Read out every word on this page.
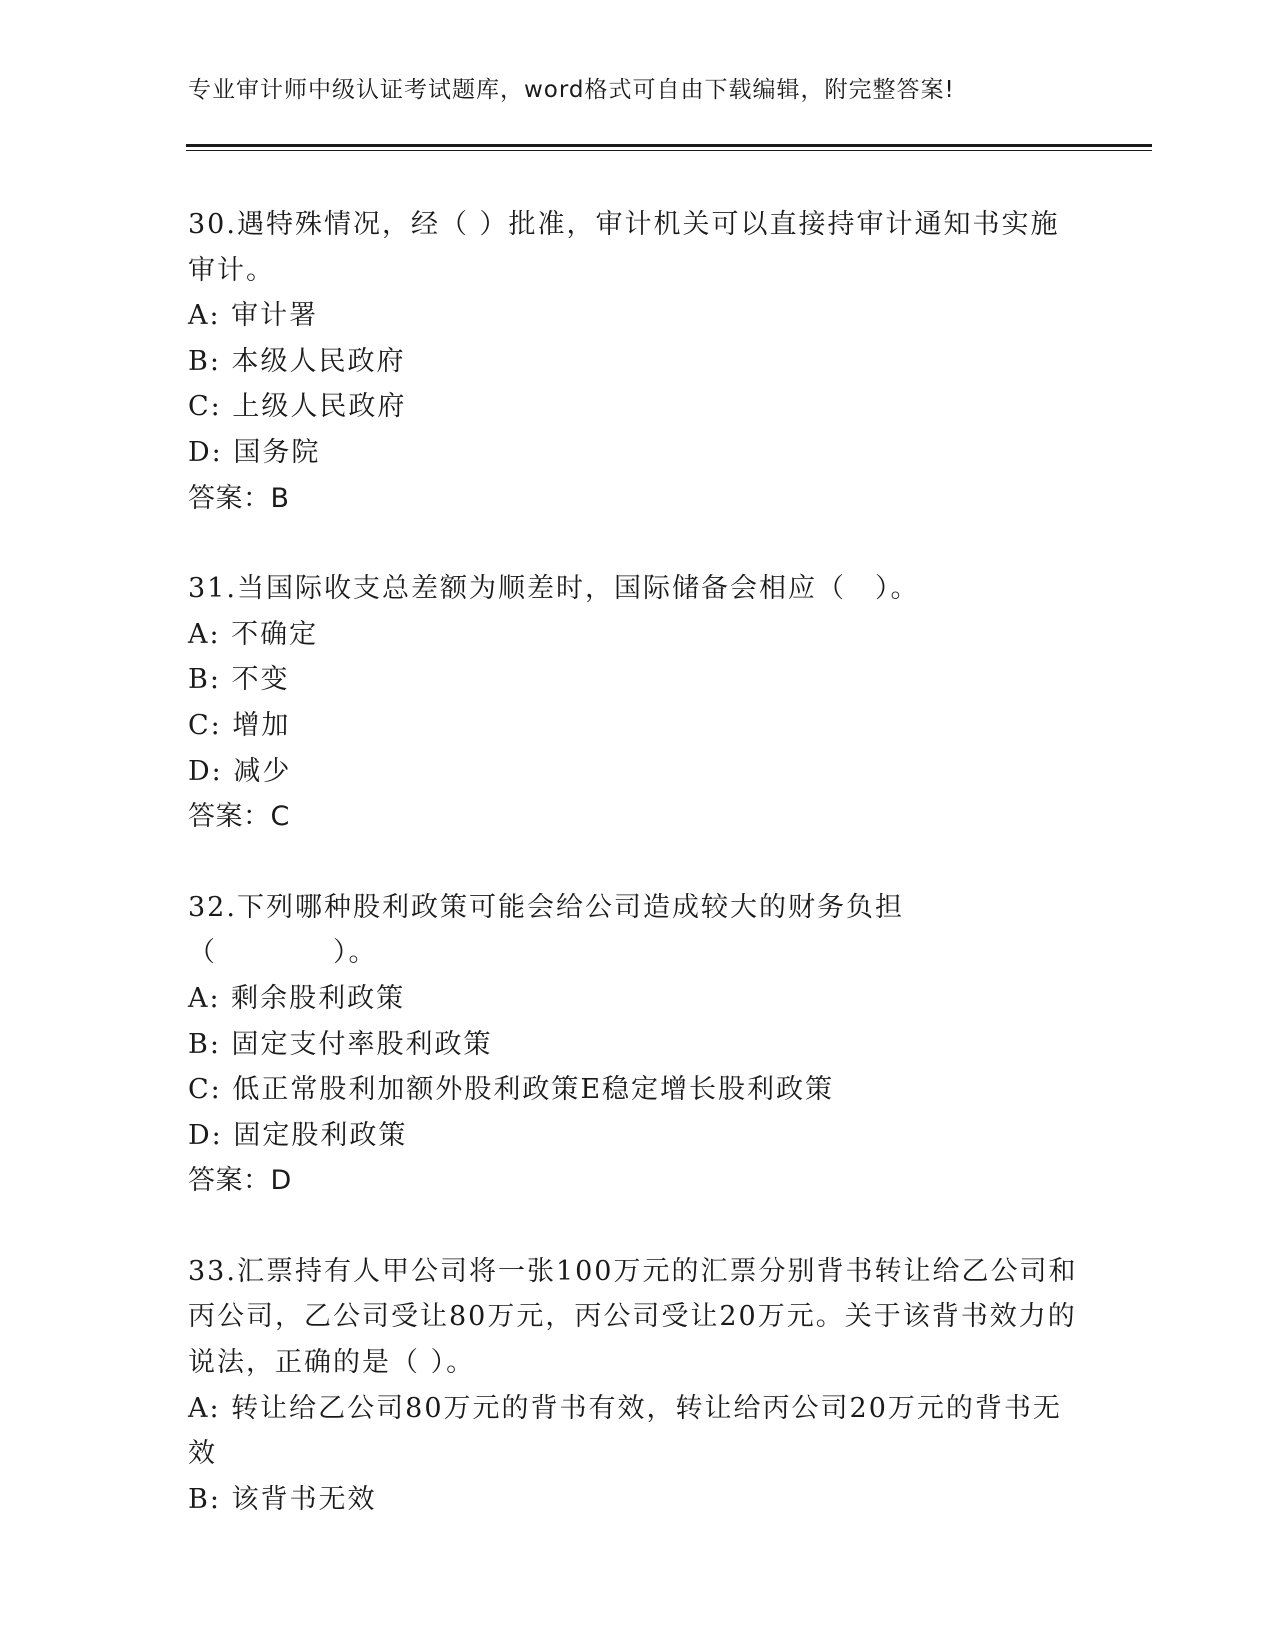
专业审计师中级认证考试题库，word格式可自由下载编辑，附完整答案!

30.遇特殊情况，经（ ）批准，审计机关可以直接持审计通知书实施审计。

A: 审计署

B: 本级人民政府

C: 上级人民政府

D: 国务院

答案：B

31.当国际收支总差额为顺差时，国际储备会相应（　）。

A: 不确定

B: 不变

C: 增加

D: 减少

答案：C

32.下列哪种股利政策可能会给公司造成较大的财务负担（　　　　）。

A: 剩余股利政策

B: 固定支付率股利政策

C: 低正常股利加额外股利政策E稳定增长股利政策

D: 固定股利政策

答案：D

33.汇票持有人甲公司将一张100万元的汇票分别背书转让给乙公司和丙公司，乙公司受让80万元，丙公司受让20万元。关于该背书效力的说法，正确的是（ ）。

A: 转让给乙公司80万元的背书有效，转让给丙公司20万元的背书无效

B: 该背书无效
